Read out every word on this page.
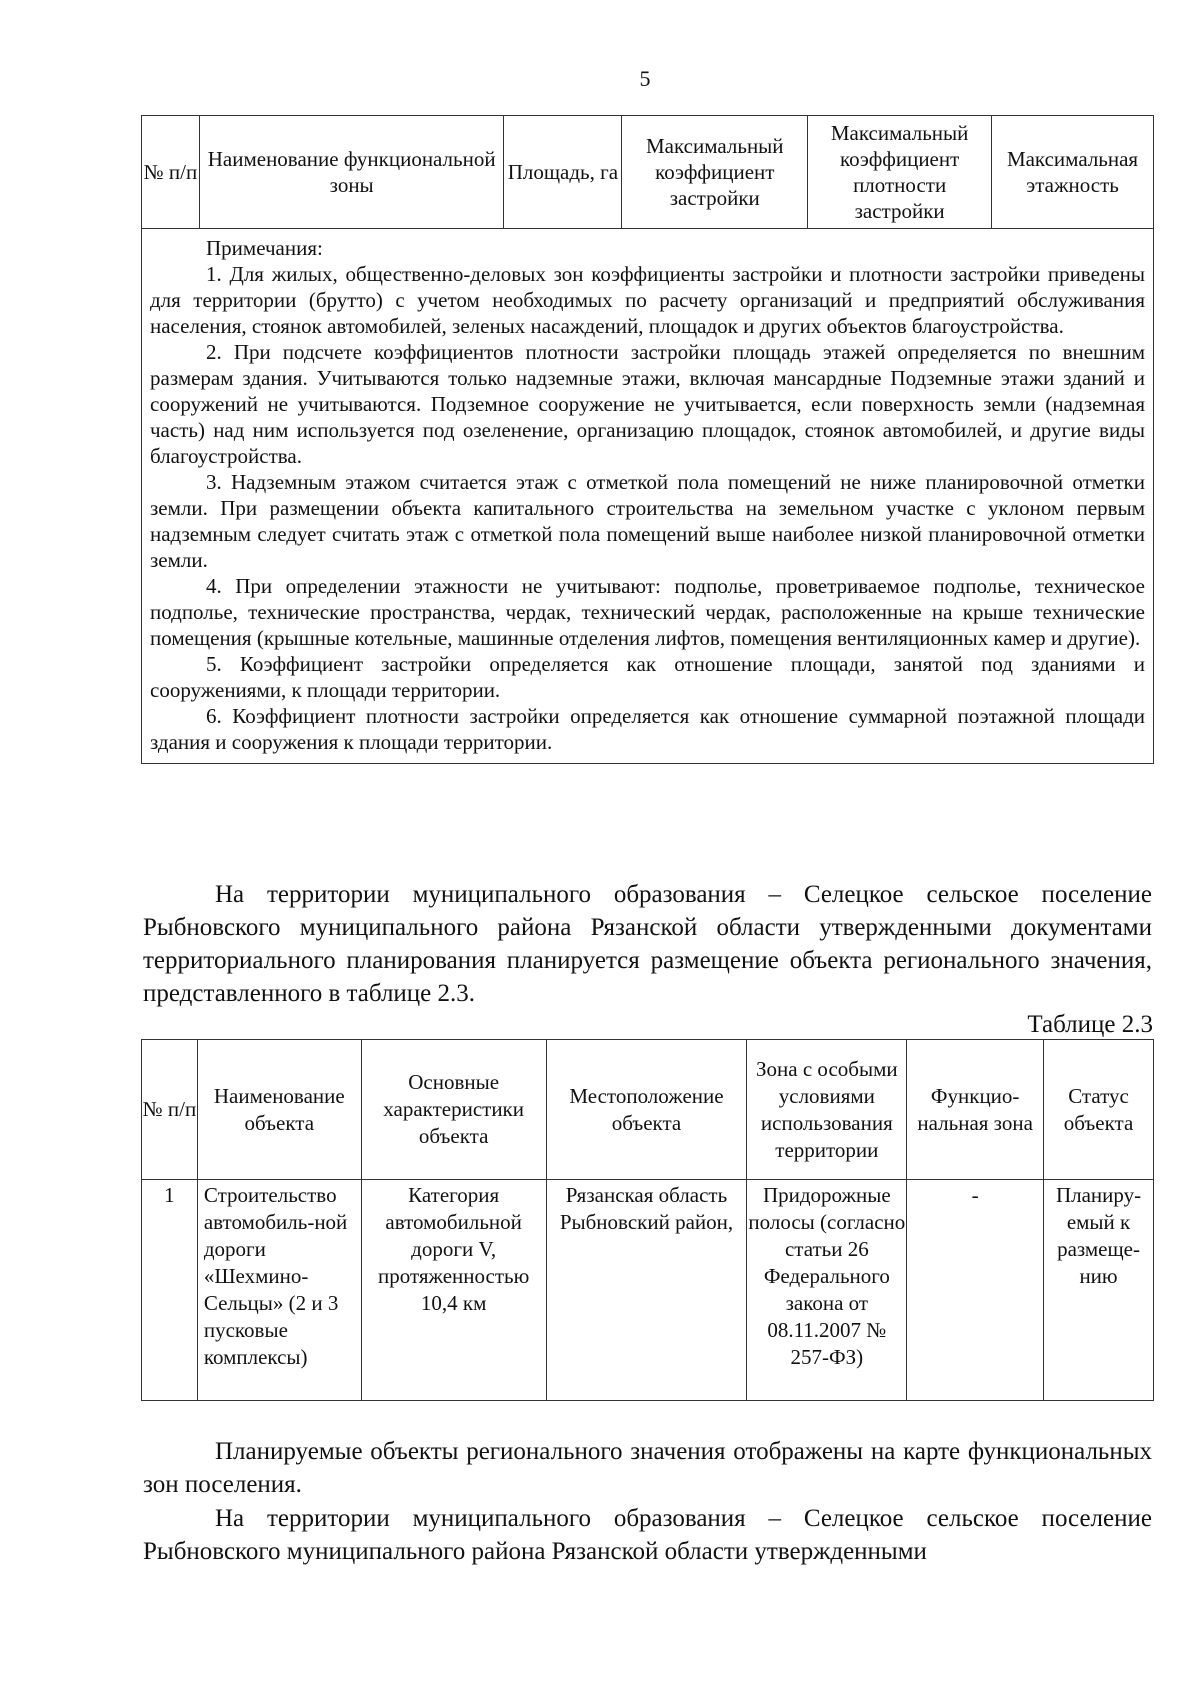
5
№ п/п	Наименование функциональной зоны	Площадь, га	Максимальный коэффициент застройки	Максимальный коэффициент плотности застройки	Максимальная этажность

Примечания:

1. Для жилых, общественно-деловых зон коэффициенты застройки и плотности застройки приведены для территории (брутто) с учетом необходимых по расчету организаций и предприятий обслуживания населения, стоянок автомобилей, зеленых насаждений, площадок и других объектов благоустройства.

2. При подсчете коэффициентов плотности застройки площадь этажей определяется по внешним размерам здания. Учитываются только надземные этажи, включая мансардные Подземные этажи зданий и сооружений не учитываются. Подземное сооружение не учитывается, если поверхность земли (надземная часть) над ним используется под озеленение, организацию площадок, стоянок автомобилей, и другие виды благоустройства.

3. Надземным этажом считается этаж с отметкой пола помещений не ниже планировочной отметки земли. При размещении объекта капитального строительства на земельном участке с уклоном первым надземным следует считать этаж с отметкой пола помещений выше наиболее низкой планировочной отметки земли.

4. При определении этажности не учитывают: подполье, проветриваемое подполье, техническое подполье, технические пространства, чердак, технический чердак, расположенные на крыше технические помещения (крышные котельные, машинные отделения лифтов, помещения вентиляционных камер и другие).

5. Коэффициент застройки определяется как отношение площади, занятой под зданиями и сооружениями, к площади территории.

6. Коэффициент плотности застройки определяется как отношение суммарной поэтажной площади здания и сооружения к площади территории.

На территории муниципального образования – Селецкое сельское поселение Рыбновского муниципального района Рязанской области утвержденными документами территориального планирования планируется размещение объекта регионального значения, представленного в таблице 2.3.

Таблице 2.3
№ п/п	Наименование объекта	Основные характеристики объекта	Местоположение объекта	Зона с особыми условиями использования территории	Функцио-нальная зона	Статус объекта
1	Строительство автомобиль-ной дороги «Шехмино-Сельцы» (2 и 3 пусковые комплексы)	Категория автомобильной дороги V, протяженностью 10,4 км	Рязанская область Рыбновский район,	Придорожные полосы (согласно статьи 26 Федерального закона от 08.11.2007 № 257-ФЗ)	-	Планиру-емый к размеще-нию

Планируемые объекты регионального значения отображены на карте функциональных зон поселения.

На территории муниципального образования – Селецкое сельское поселение Рыбновского муниципального района Рязанской области утвержденными
